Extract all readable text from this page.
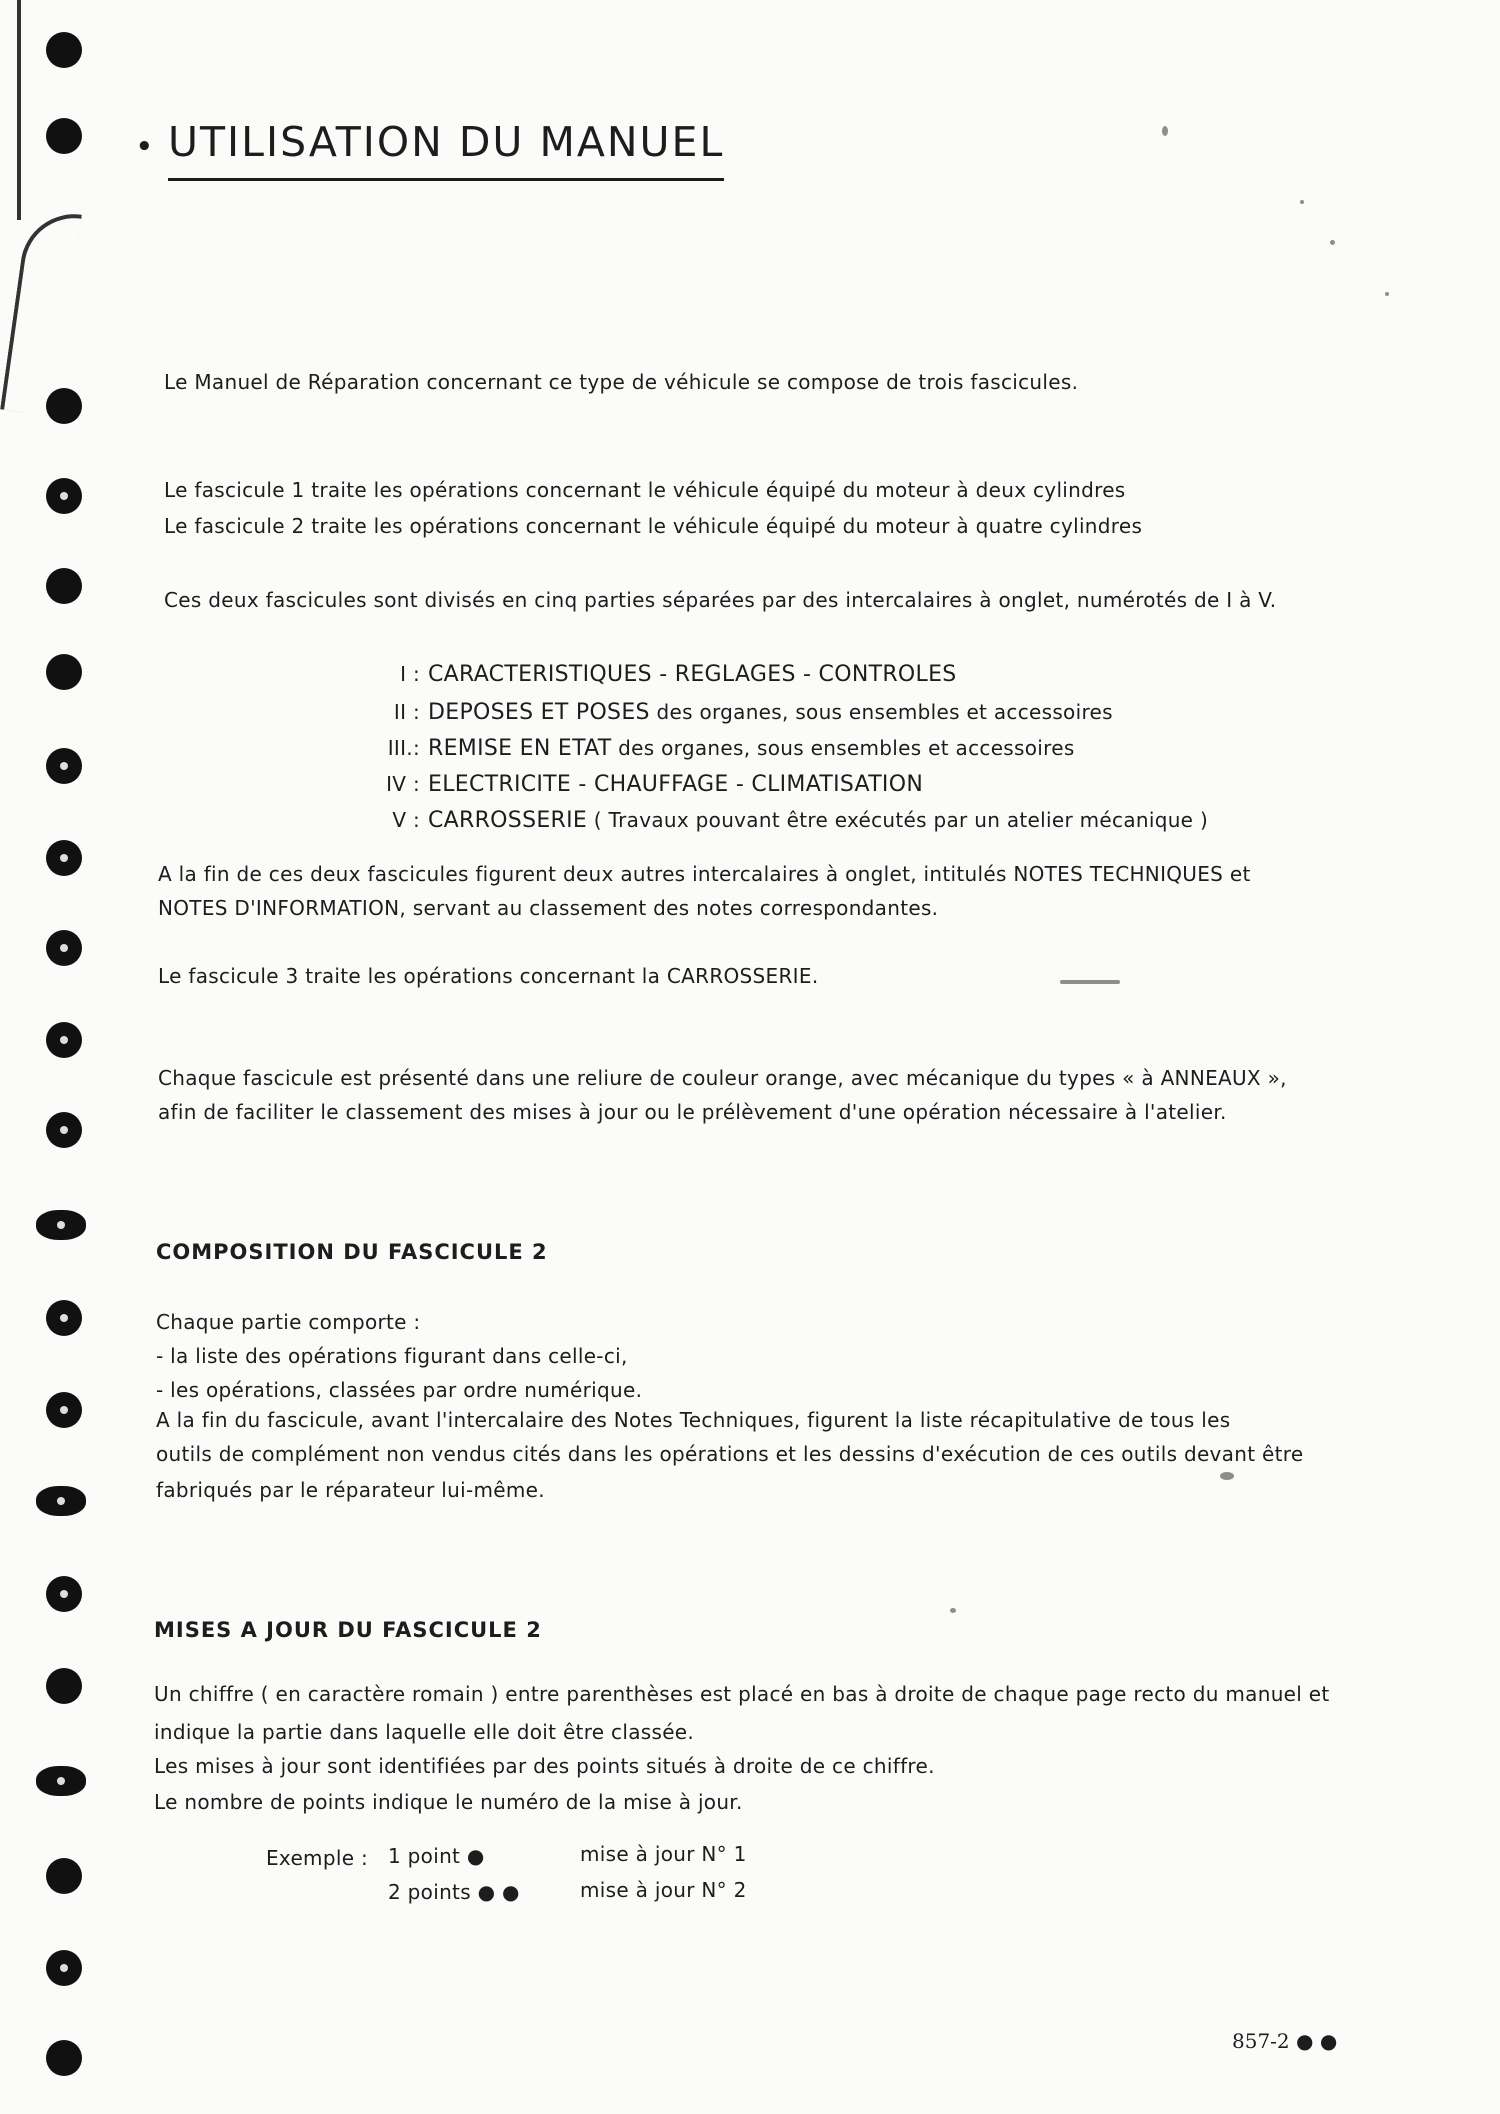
• UTILISATION DU MANUEL
Le Manuel de Réparation concernant ce type de véhicule se compose de trois fascicules.
Le fascicule 1 traite les opérations concernant le véhicule équipé du moteur à deux cylindres
Le fascicule 2 traite les opérations concernant le véhicule équipé du moteur à quatre cylindres
Ces deux fascicules sont divisés en cinq parties séparées par des intercalaires à onglet, numérotés de I à V.
I : CARACTERISTIQUES - REGLAGES - CONTROLES
II : DEPOSES ET POSES des organes, sous ensembles et accessoires
III.: REMISE EN ETAT des organes, sous ensembles et accessoires
IV : ELECTRICITE - CHAUFFAGE - CLIMATISATION
V : CARROSSERIE ( Travaux pouvant être exécutés par un atelier mécanique )
A la fin de ces deux fascicules figurent deux autres intercalaires à onglet, intitulés NOTES TECHNIQUES et
NOTES D'INFORMATION, servant au classement des notes correspondantes.
Le fascicule 3 traite les opérations concernant la CARROSSERIE.
Chaque fascicule est présenté dans une reliure de couleur orange, avec mécanique du types « à ANNEAUX »,
afin de faciliter le classement des mises à jour ou le prélèvement d'une opération nécessaire à l'atelier.
COMPOSITION DU FASCICULE 2
Chaque partie comporte :
- la liste des opérations figurant dans celle-ci,
- les opérations, classées par ordre numérique.
A la fin du fascicule, avant l'intercalaire des Notes Techniques, figurent la liste récapitulative de tous les
outils de complément non vendus cités dans les opérations et les dessins d'exécution de ces outils devant être
fabriqués par le réparateur lui-même.
MISES A JOUR DU FASCICULE 2
Un chiffre ( en caractère romain ) entre parenthèses est placé en bas à droite de chaque page recto du manuel et
indique la partie dans laquelle elle doit être classée.
Les mises à jour sont identifiées par des points situés à droite de ce chiffre.
Le nombre de points indique le numéro de la mise à jour.
Exemple : 1 point ●	mise à jour N° 1
2 points ● ●	mise à jour N° 2
857-2 ● ●
